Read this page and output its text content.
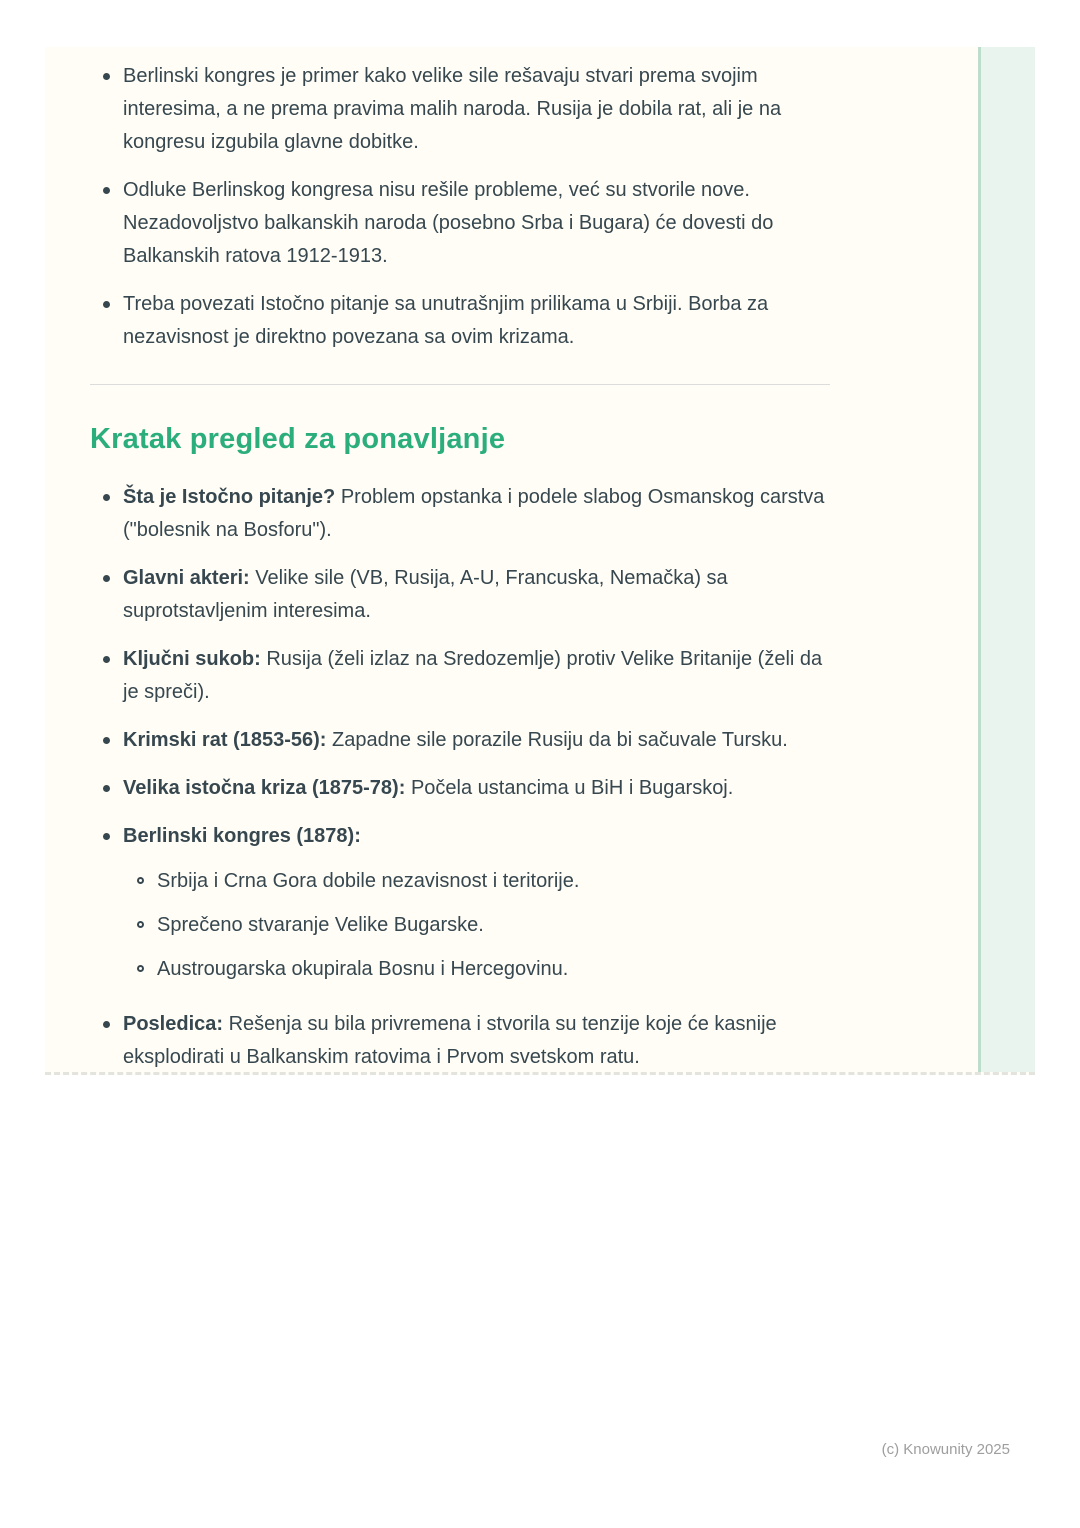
Berlinski kongres je primer kako velike sile rešavaju stvari prema svojim interesima, a ne prema pravima malih naroda. Rusija je dobila rat, ali je na kongresu izgubila glavne dobitke.
Odluke Berlinskog kongresa nisu rešile probleme, već su stvorile nove. Nezadovoljstvo balkanskih naroda (posebno Srba i Bugara) će dovesti do Balkanskih ratova 1912-1913.
Treba povezati Istočno pitanje sa unutrašnjim prilikama u Srbiji. Borba za nezavisnost je direktno povezana sa ovim krizama.
Kratak pregled za ponavljanje
Šta je Istočno pitanje? Problem opstanka i podele slabog Osmanskog carstva ("bolesnik na Bosforu").
Glavni akteri: Velike sile (VB, Rusija, A-U, Francuska, Nemačka) sa suprotstavljenim interesima.
Ključni sukob: Rusija (želi izlaz na Sredozemlje) protiv Velike Britanije (želi da je spreči).
Krimski rat (1853-56): Zapadne sile porazile Rusiju da bi sačuvale Tursku.
Velika istočna kriza (1875-78): Počela ustancima u BiH i Bugarskoj.
Berlinski kongres (1878):
Srbija i Crna Gora dobile nezavisnost i teritorije.
Sprečeno stvaranje Velike Bugarske.
Austrougarska okupirala Bosnu i Hercegovinu.
Posledica: Rešenja su bila privremena i stvorila su tenzije koje će kasnije eksplodirati u Balkanskim ratovima i Prvom svetskom ratu.
(c) Knowunity 2025
